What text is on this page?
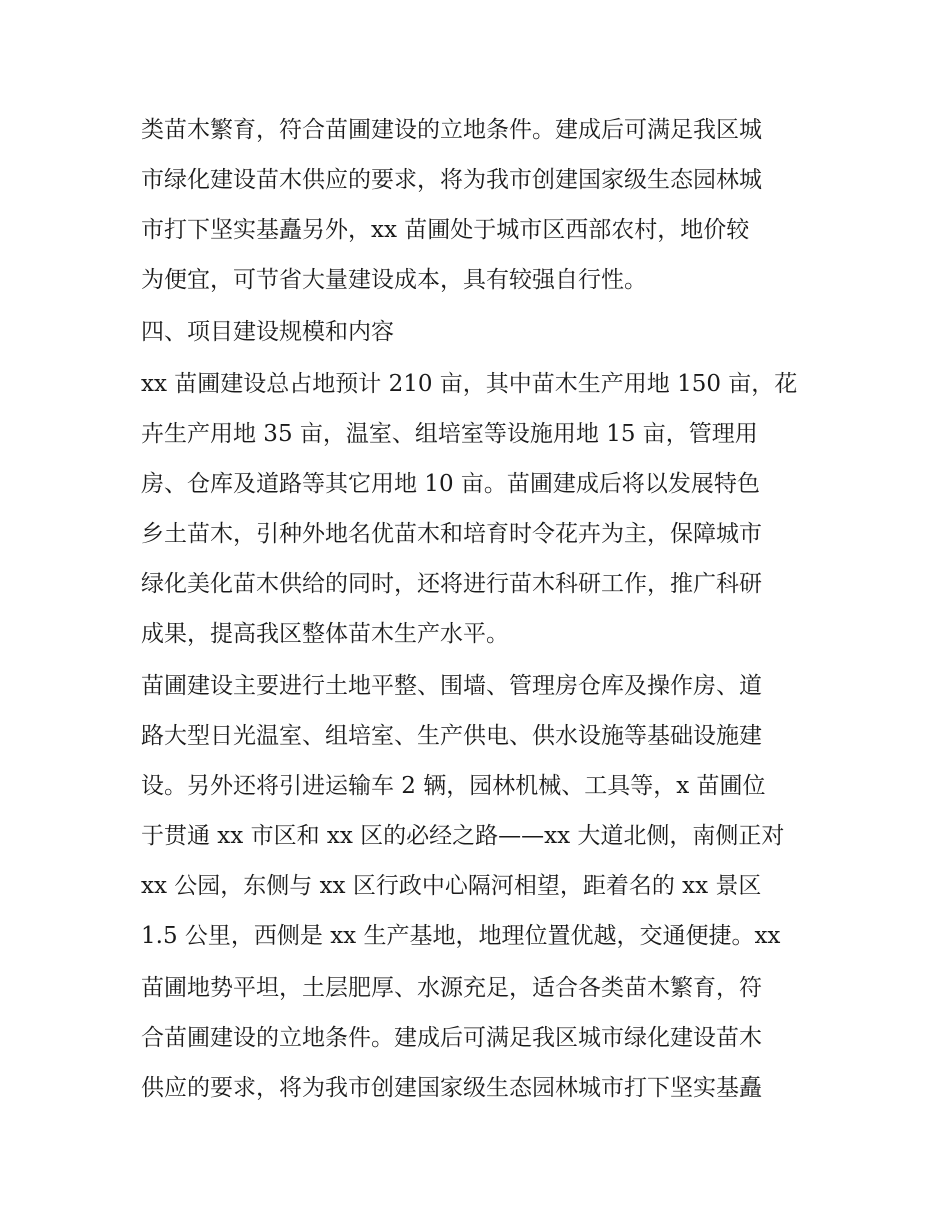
类苗木繁育，符合苗圃建设的立地条件。建成后可满足我区城
市绿化建设苗木供应的要求，将为我市创建国家级生态园林城
市打下坚实基矗另外，xx 苗圃处于城市区西部农村，地价较
为便宜，可节省大量建设成本，具有较强自行性。
四、项目建设规模和内容
xx 苗圃建设总占地预计 210 亩，其中苗木生产用地 150 亩，花
卉生产用地 35 亩，温室、组培室等设施用地 15 亩，管理用
房、仓库及道路等其它用地 10 亩。苗圃建成后将以发展特色
乡土苗木，引种外地名优苗木和培育时令花卉为主，保障城市
绿化美化苗木供给的同时，还将进行苗木科研工作，推广科研
成果，提高我区整体苗木生产水平。
苗圃建设主要进行土地平整、围墙、管理房仓库及操作房、道
路大型日光温室、组培室、生产供电、供水设施等基础设施建
设。另外还将引进运输车 2 辆，园林机械、工具等，x 苗圃位
于贯通 xx 市区和 xx 区的必经之路——xx 大道北侧，南侧正对
xx 公园，东侧与 xx 区行政中心隔河相望，距着名的 xx 景区
1.5 公里，西侧是 xx 生产基地，地理位置优越，交通便捷。xx
苗圃地势平坦，土层肥厚、水源充足，适合各类苗木繁育，符
合苗圃建设的立地条件。建成后可满足我区城市绿化建设苗木
供应的要求，将为我市创建国家级生态园林城市打下坚实基矗
